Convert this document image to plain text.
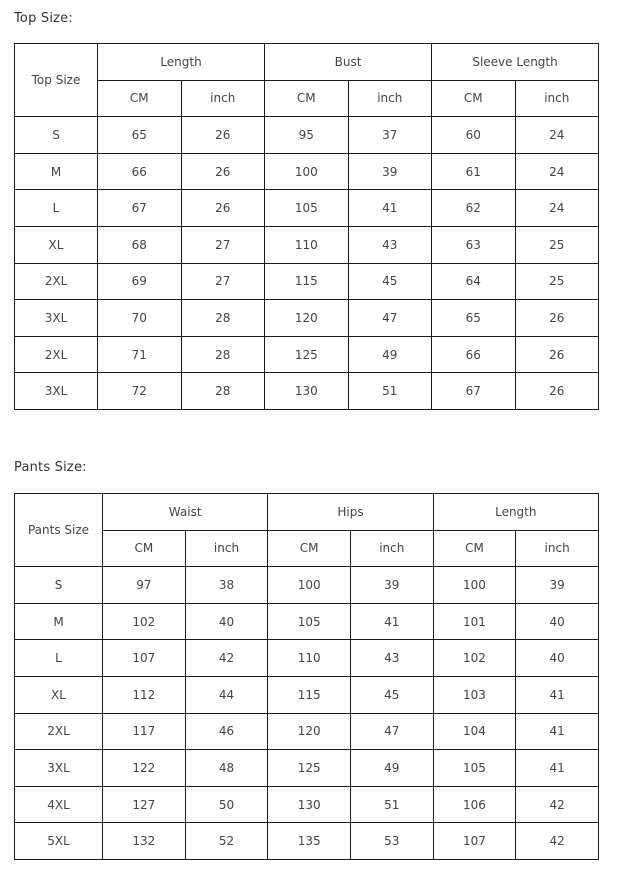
Top Size:
Top Size	Length		Bust		Sleeve Length	
	CM	inch	CM	inch	CM	inch
S	65	26	95	37	60	24
M	66	26	100	39	61	24
L	67	26	105	41	62	24
XL	68	27	110	43	63	25
2XL	69	27	115	45	64	25
3XL	70	28	120	47	65	26
2XL	71	28	125	49	66	26
3XL	72	28	130	51	67	26
Pants Size:
Pants Size	Waist		Hips		Length	
	CM	inch	CM	inch	CM	inch
S	97	38	100	39	100	39
M	102	40	105	41	101	40
L	107	42	110	43	102	40
XL	112	44	115	45	103	41
2XL	117	46	120	47	104	41
3XL	122	48	125	49	105	41
4XL	127	50	130	51	106	42
5XL	132	52	135	53	107	42
